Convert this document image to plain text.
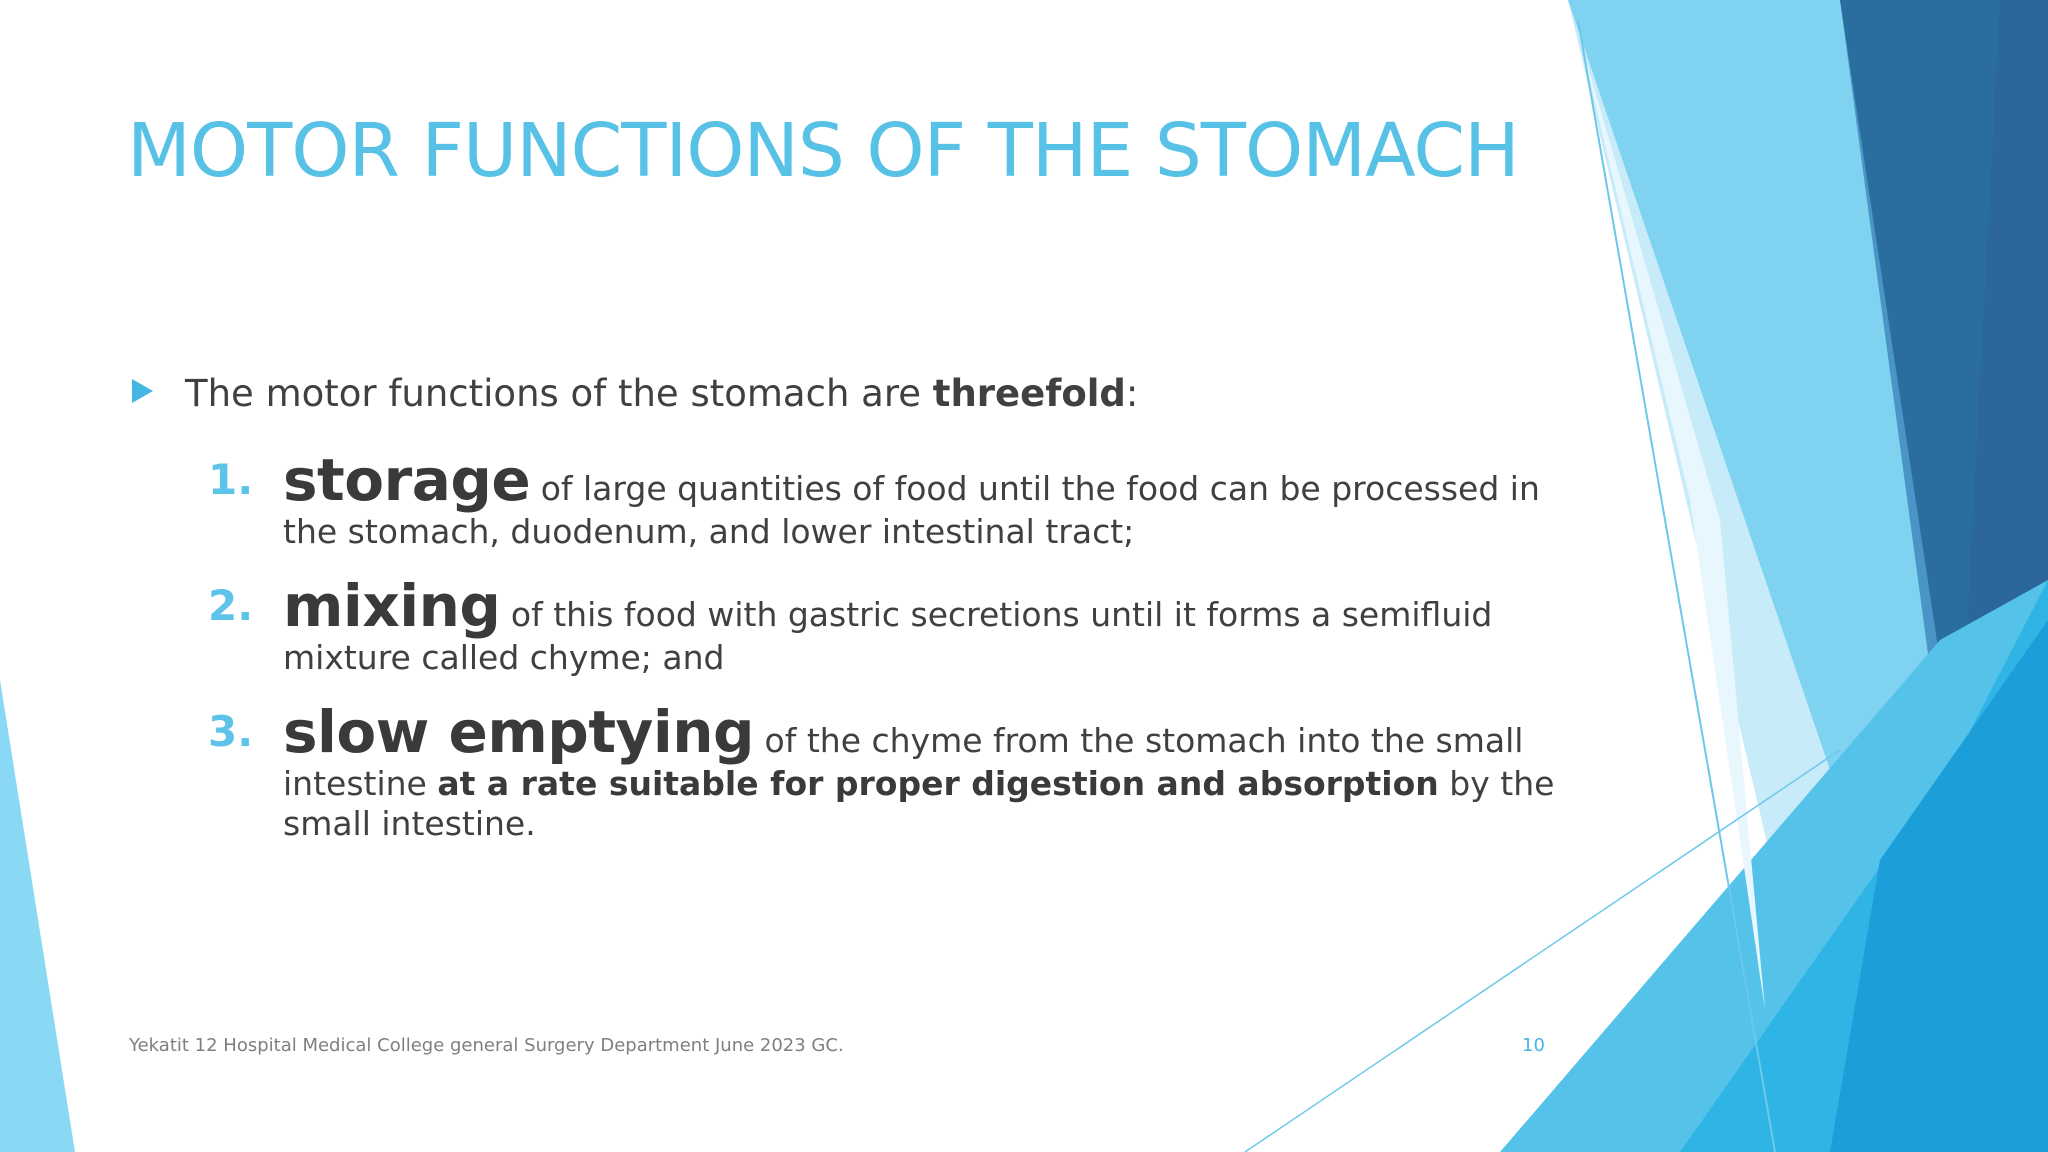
MOTOR FUNCTIONS OF THE STOMACH
The motor functions of the stomach are threefold:
1. storage of large quantities of food until the food can be processed in the stomach, duodenum, and lower intestinal tract;
2. mixing of this food with gastric secretions until it forms a semifluid mixture called chyme; and
3. slow emptying of the chyme from the stomach into the small intestine at a rate suitable for proper digestion and absorption by the small intestine.
Yekatit 12 Hospital Medical College general Surgery Department June 2023 GC.	10
